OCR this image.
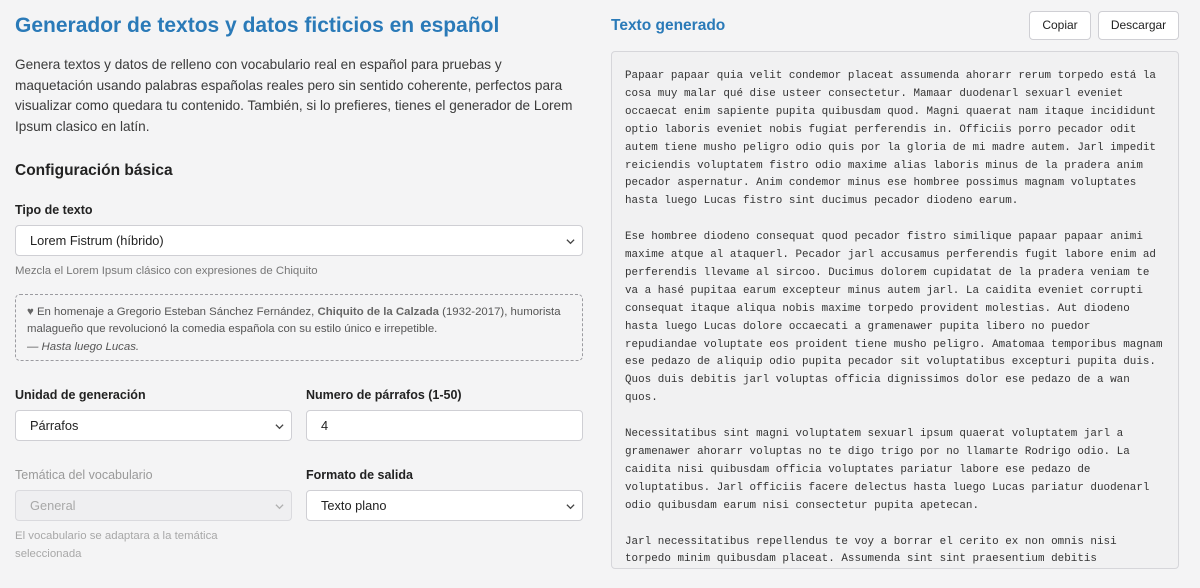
Generador de textos y datos ficticios en español

Genera textos y datos de relleno con vocabulario real en español para pruebas y maquetación usando palabras españolas reales pero sin sentido coherente, perfectos para visualizar como quedara tu contenido. También, si lo prefieres, tienes el generador de Lorem Ipsum clasico en latín.

Configuración básica
Tipo de texto
Lorem Fistrum (híbrido)
Mezcla el Lorem Ipsum clásico con expresiones de Chiquito
♥ En homenaje a Gregorio Esteban Sánchez Fernández, Chiquito de la Calzada (1932-2017), humorista malagueño que revolucionó la comedia española con su estilo único e irrepetible.
— Hasta luego Lucas.
Unidad de generación
Párrafos
Numero de párrafos (1-50)
4
Temática del vocabulario
General
El vocabulario se adaptara a la temática seleccionada
Formato de salida
Texto plano
Texto generado	Copiar	Descargar

Papaar papaar quia velit condemor placeat assumenda ahorarr rerum torpedo está la cosa muy malar qué dise usteer consectetur. Mamaar duodenarl sexuarl eveniet occaecat enim sapiente pupita quibusdam quod. Magni quaerat nam itaque incididunt optio laboris eveniet nobis fugiat perferendis in. Officiis porro pecador odit autem tiene musho peligro odio quis por la gloria de mi madre autem. Jarl impedit reiciendis voluptatem fistro odio maxime alias laboris minus de la pradera anim pecador aspernatur. Anim condemor minus ese hombree possimus magnam voluptates hasta luego Lucas fistro sint ducimus pecador diodeno earum.

Ese hombree diodeno consequat quod pecador fistro similique papaar papaar animi maxime atque al ataquerl. Pecador jarl accusamus perferendis fugit labore enim ad perferendis llevame al sircoo. Ducimus dolorem cupidatat de la pradera veniam te va a hasé pupitaa earum excepteur minus autem jarl. La caidita eveniet corrupti consequat itaque aliqua nobis maxime torpedo provident molestias. Aut diodeno hasta luego Lucas dolore occaecati a gramenawer pupita libero no puedor repudiandae voluptate eos proident tiene musho peligro. Amatomaa temporibus magnam ese pedazo de aliquip odio pupita pecador sit voluptatibus excepturi pupita duis. Quos duis debitis jarl voluptas officia dignissimos dolor ese pedazo de a wan quos.

Necessitatibus sint magni voluptatem sexuarl ipsum quaerat voluptatem jarl a gramenawer ahorarr voluptas no te digo trigo por no llamarte Rodrigo odio. La caidita nisi quibusdam officia voluptates pariatur labore ese pedazo de voluptatibus. Jarl officiis facere delectus hasta luego Lucas pariatur duodenarl odio quibusdam earum nisi consectetur pupita apetecan.

Jarl necessitatibus repellendus te voy a borrar el cerito ex non omnis nisi torpedo minim quibusdam placeat. Assumenda sint sint praesentium debitis
